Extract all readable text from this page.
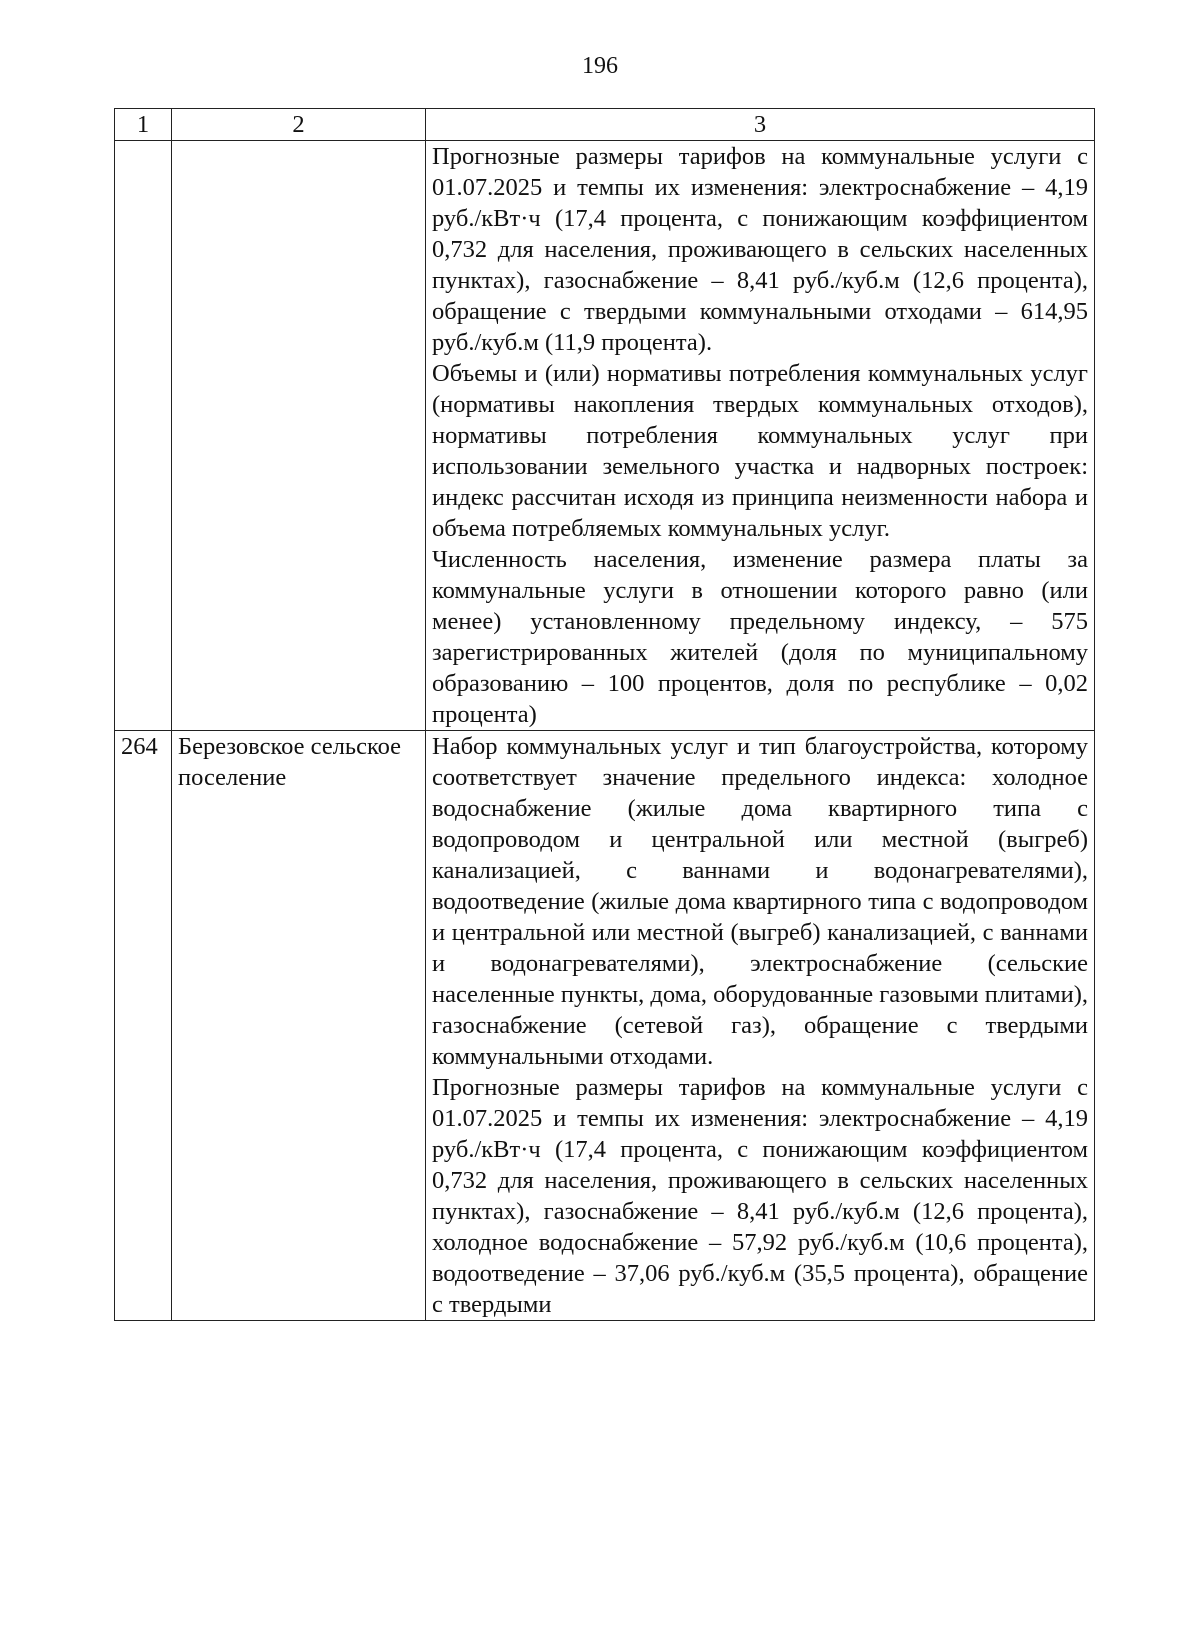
196
1	2	3

		Прогнозные размеры тарифов на коммунальные услуги с 01.07.2025 и темпы их изменения: электроснабжение – 4,19 руб./кВт·ч (17,4 процента, с понижающим коэффициентом 0,732 для населения, проживающего в сельских населенных пунктах), газоснабжение – 8,41 руб./куб.м (12,6 процента), обращение с твердыми коммунальными отходами – 614,95 руб./куб.м (11,9 процента).

Объемы и (или) нормативы потребления коммунальных услуг (нормативы накопления твердых коммунальных отходов), нормативы потребления коммунальных услуг при использовании земельного участка и надворных построек: индекс рассчитан исходя из принципа неизменности набора и объема потребляемых коммунальных услуг.

Численность населения, изменение размера платы за коммунальные услуги в отношении которого равно (или менее) установленному предельному индексу, – 575 зарегистрированных жителей (доля по муниципальному образованию – 100 процентов, доля по республике – 0,02 процента)

264	Березовское сельское поселение	Набор коммунальных услуг и тип благоустройства, которому соответствует значение предельного индекса: холодное водоснабжение (жилые дома квартирного типа с водопроводом и центральной или местной (выгреб) канализацией, с ваннами и водонагревателями), водоотведение (жилые дома квартирного типа с водопроводом и центральной или местной (выгреб) канализацией, с ваннами и водонагревателями), электроснабжение (сельские населенные пункты, дома, оборудованные газовыми плитами), газоснабжение (сетевой газ), обращение с твердыми коммунальными отходами.

Прогнозные размеры тарифов на коммунальные услуги с 01.07.2025 и темпы их изменения: электроснабжение – 4,19 руб./кВт·ч (17,4 процента, с понижающим коэффициентом 0,732 для населения, проживающего в сельских населенных пунктах), газоснабжение – 8,41 руб./куб.м (12,6 процента), холодное водоснабжение – 57,92 руб./куб.м (10,6 процента), водоотведение – 37,06 руб./куб.м (35,5 процента), обращение с твердыми
